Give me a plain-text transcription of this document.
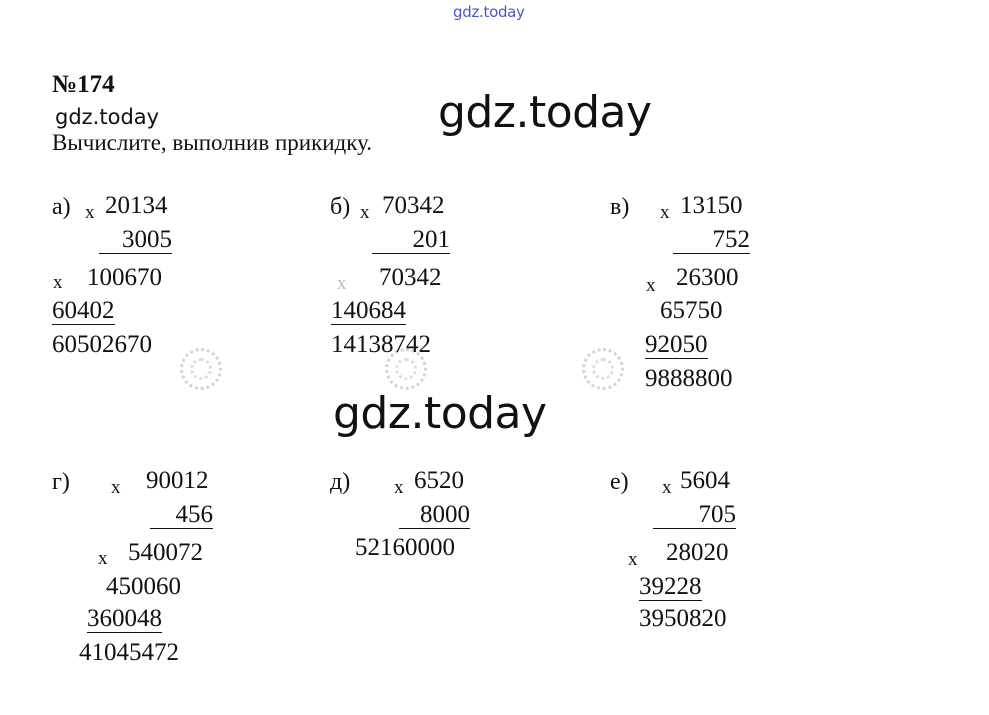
gdz.today
gdz.today	gdz.today
gdz.today
№174
Вычислите, выполнив прикидку.
а) x 20134
3005
x 100670
60402
60502670
б) x 70342
201
x 70342
140684
14138742
в) x 13150
752
x 26300
65750
92050
9888800
г) x 90012
456
x 540072
450060
360048
41045472
д) x 6520
8000
52160000
е) x 5604
705
x 28020
39228
3950820
